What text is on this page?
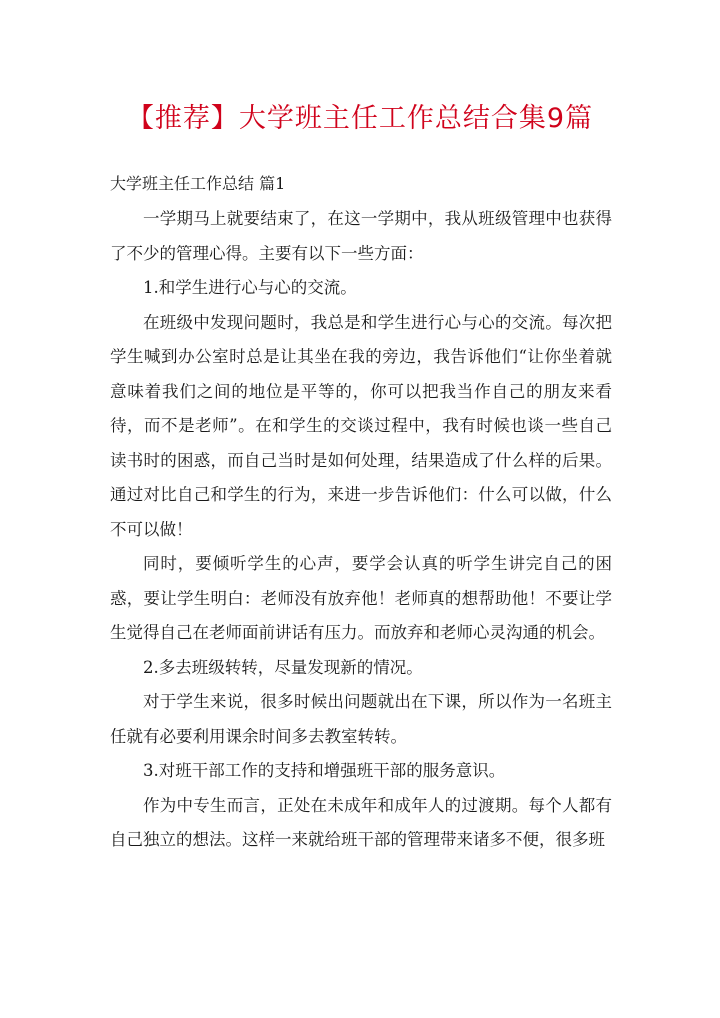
【推荐】大学班主任工作总结合集9篇

大学班主任工作总结 篇1

一学期马上就要结束了，在这一学期中，我从班级管理中也获得了不少的管理心得。主要有以下一些方面：

1.和学生进行心与心的交流。

在班级中发现问题时，我总是和学生进行心与心的交流。每次把学生喊到办公室时总是让其坐在我的旁边，我告诉他们“让你坐着就意味着我们之间的地位是平等的，你可以把我当作自己的朋友来看待，而不是老师”。在和学生的交谈过程中，我有时候也谈一些自己读书时的困惑，而自己当时是如何处理，结果造成了什么样的后果。通过对比自己和学生的行为，来进一步告诉他们：什么可以做，什么不可以做！

同时，要倾听学生的心声，要学会认真的听学生讲完自己的困惑，要让学生明白：老师没有放弃他！老师真的想帮助他！不要让学生觉得自己在老师面前讲话有压力。而放弃和老师心灵沟通的机会。

2.多去班级转转，尽量发现新的情况。

对于学生来说，很多时候出问题就出在下课，所以作为一名班主任就有必要利用课余时间多去教室转转。

3.对班干部工作的支持和增强班干部的服务意识。

作为中专生而言，正处在未成年和成年人的过渡期。每个人都有自己独立的想法。这样一来就给班干部的管理带来诸多不便，很多班
